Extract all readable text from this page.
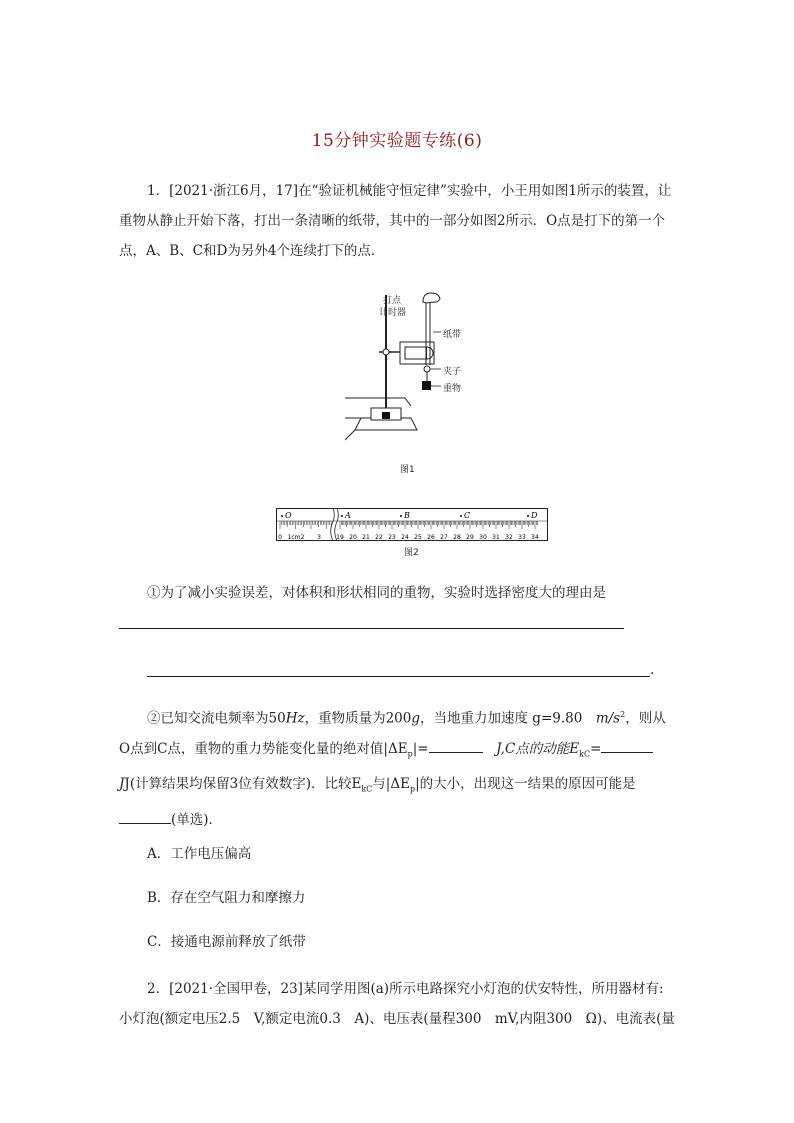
15分钟实验题专练(6)

1．[2021·浙江6月，17]在“验证机械能守恒定律”实验中，小王用如图1所示的装置，让重物从静止开始下落，打出一条清晰的纸带，其中的一部分如图2所示．O点是打下的第一个点，A、B、C和D为另外4个连续打下的点．

打点
计时器
纸带
夹子
重物
图1
O	A	B	C	D
0 1cm2 3	19 20 21 22 23 24 25 26 27 28 29 30 31 32 33 34
图2

①为了减小实验误差，对体积和形状相同的重物，实验时选择密度大的理由是

.

②已知交流电频率为50Hz，重物质量为200g，当地重力加速度 g=9.80　$m/s^2$，则从O点到C点，重物的重力势能变化量的绝对值$|\Delta E_p|=$　	J,C点的动能$E_{kC}=$
JJ(计算结果均保留3位有效数字)．比较$E_{kC}$与$|\Delta E_p|$的大小，出现这一结果的原因可能是
(单选)．

A．工作电压偏高
B．存在空气阻力和摩擦力
C．接通电源前释放了纸带

2．[2021·全国甲卷，23]某同学用图(a)所示电路探究小灯泡的伏安特性，所用器材有:

小灯泡(额定电压2.5　V,额定电流0.3　A)、电压表(量程300　mV,内阻300　Ω)、电流表(量
